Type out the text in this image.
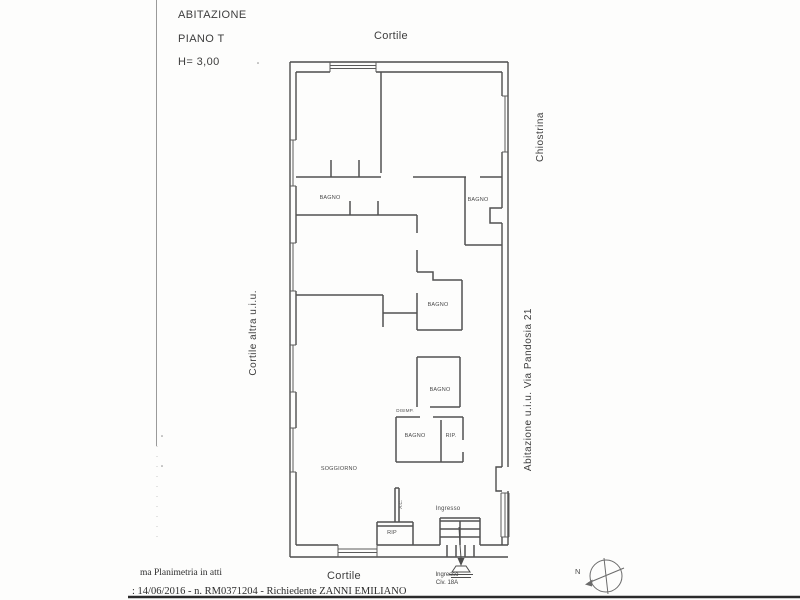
N
ABITAZIONE
PIANO T
H= 3,00
Cortile
Chiostrina
Abitazione u.i.u. Via Pandosia 21
Cortile altra u.i.u.
Cortile
BAGNO	BAGNO
BAGNO
BAGNO
DISIMP.
BAGNO	RIP.
SOGGIORNO
A.C.
Ingresso
RIP
Ingresso
Civ. 18A
ma Planimetria in atti
: 14/06/2016 - n. RM0371204 - Richiedente ZANNI EMILIANO
